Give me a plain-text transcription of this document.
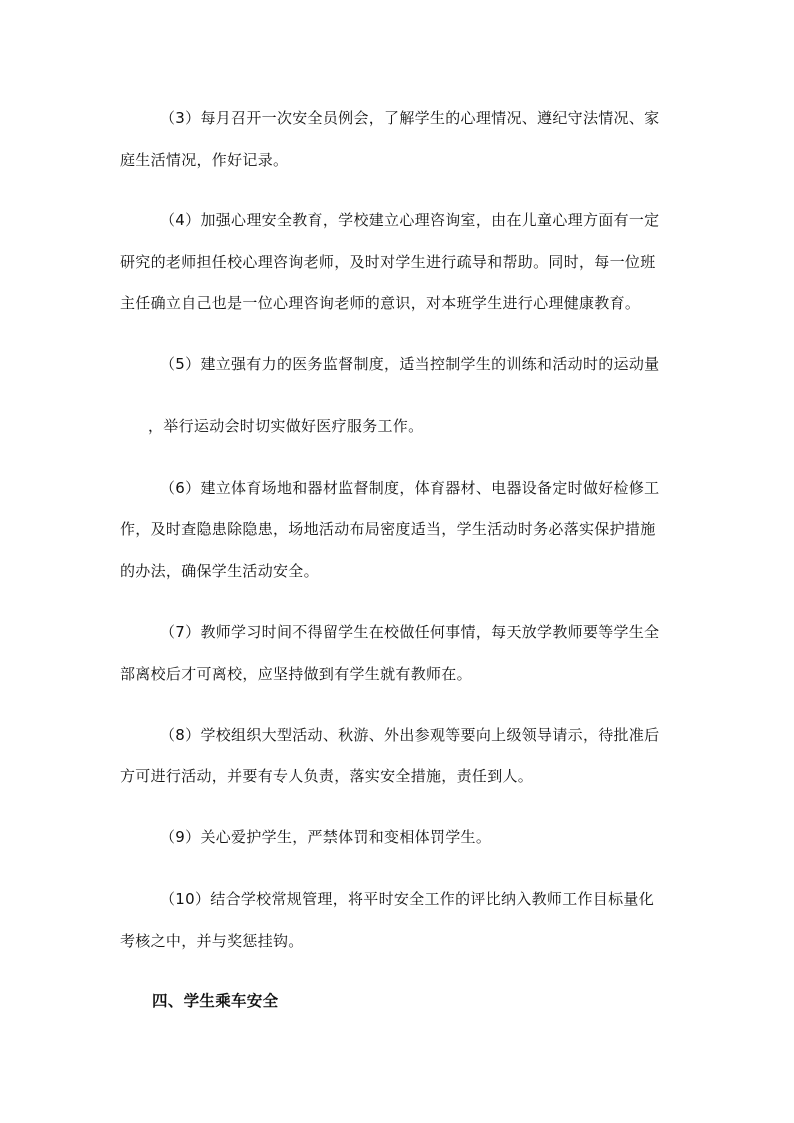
（3）每月召开一次安全员例会，了解学生的心理情况、遵纪守法情况、家
庭生活情况，作好记录。
（4）加强心理安全教育，学校建立心理咨询室，由在儿童心理方面有一定
研究的老师担任校心理咨询老师，及时对学生进行疏导和帮助。同时，每一位班
主任确立自己也是一位心理咨询老师的意识，对本班学生进行心理健康教育。
（5）建立强有力的医务监督制度，适当控制学生的训练和活动时的运动量
，举行运动会时切实做好医疗服务工作。
（6）建立体育场地和器材监督制度，体育器材、电器设备定时做好检修工
作，及时查隐患除隐患，场地活动布局密度适当，学生活动时务必落实保护措施
的办法，确保学生活动安全。
（7）教师学习时间不得留学生在校做任何事情，每天放学教师要等学生全
部离校后才可离校，应坚持做到有学生就有教师在。
（8）学校组织大型活动、秋游、外出参观等要向上级领导请示，待批准后
方可进行活动，并要有专人负责，落实安全措施，责任到人。
（9）关心爱护学生，严禁体罚和变相体罚学生。
（10）结合学校常规管理，将平时安全工作的评比纳入教师工作目标量化
考核之中，并与奖惩挂钩。
四、学生乘车安全
